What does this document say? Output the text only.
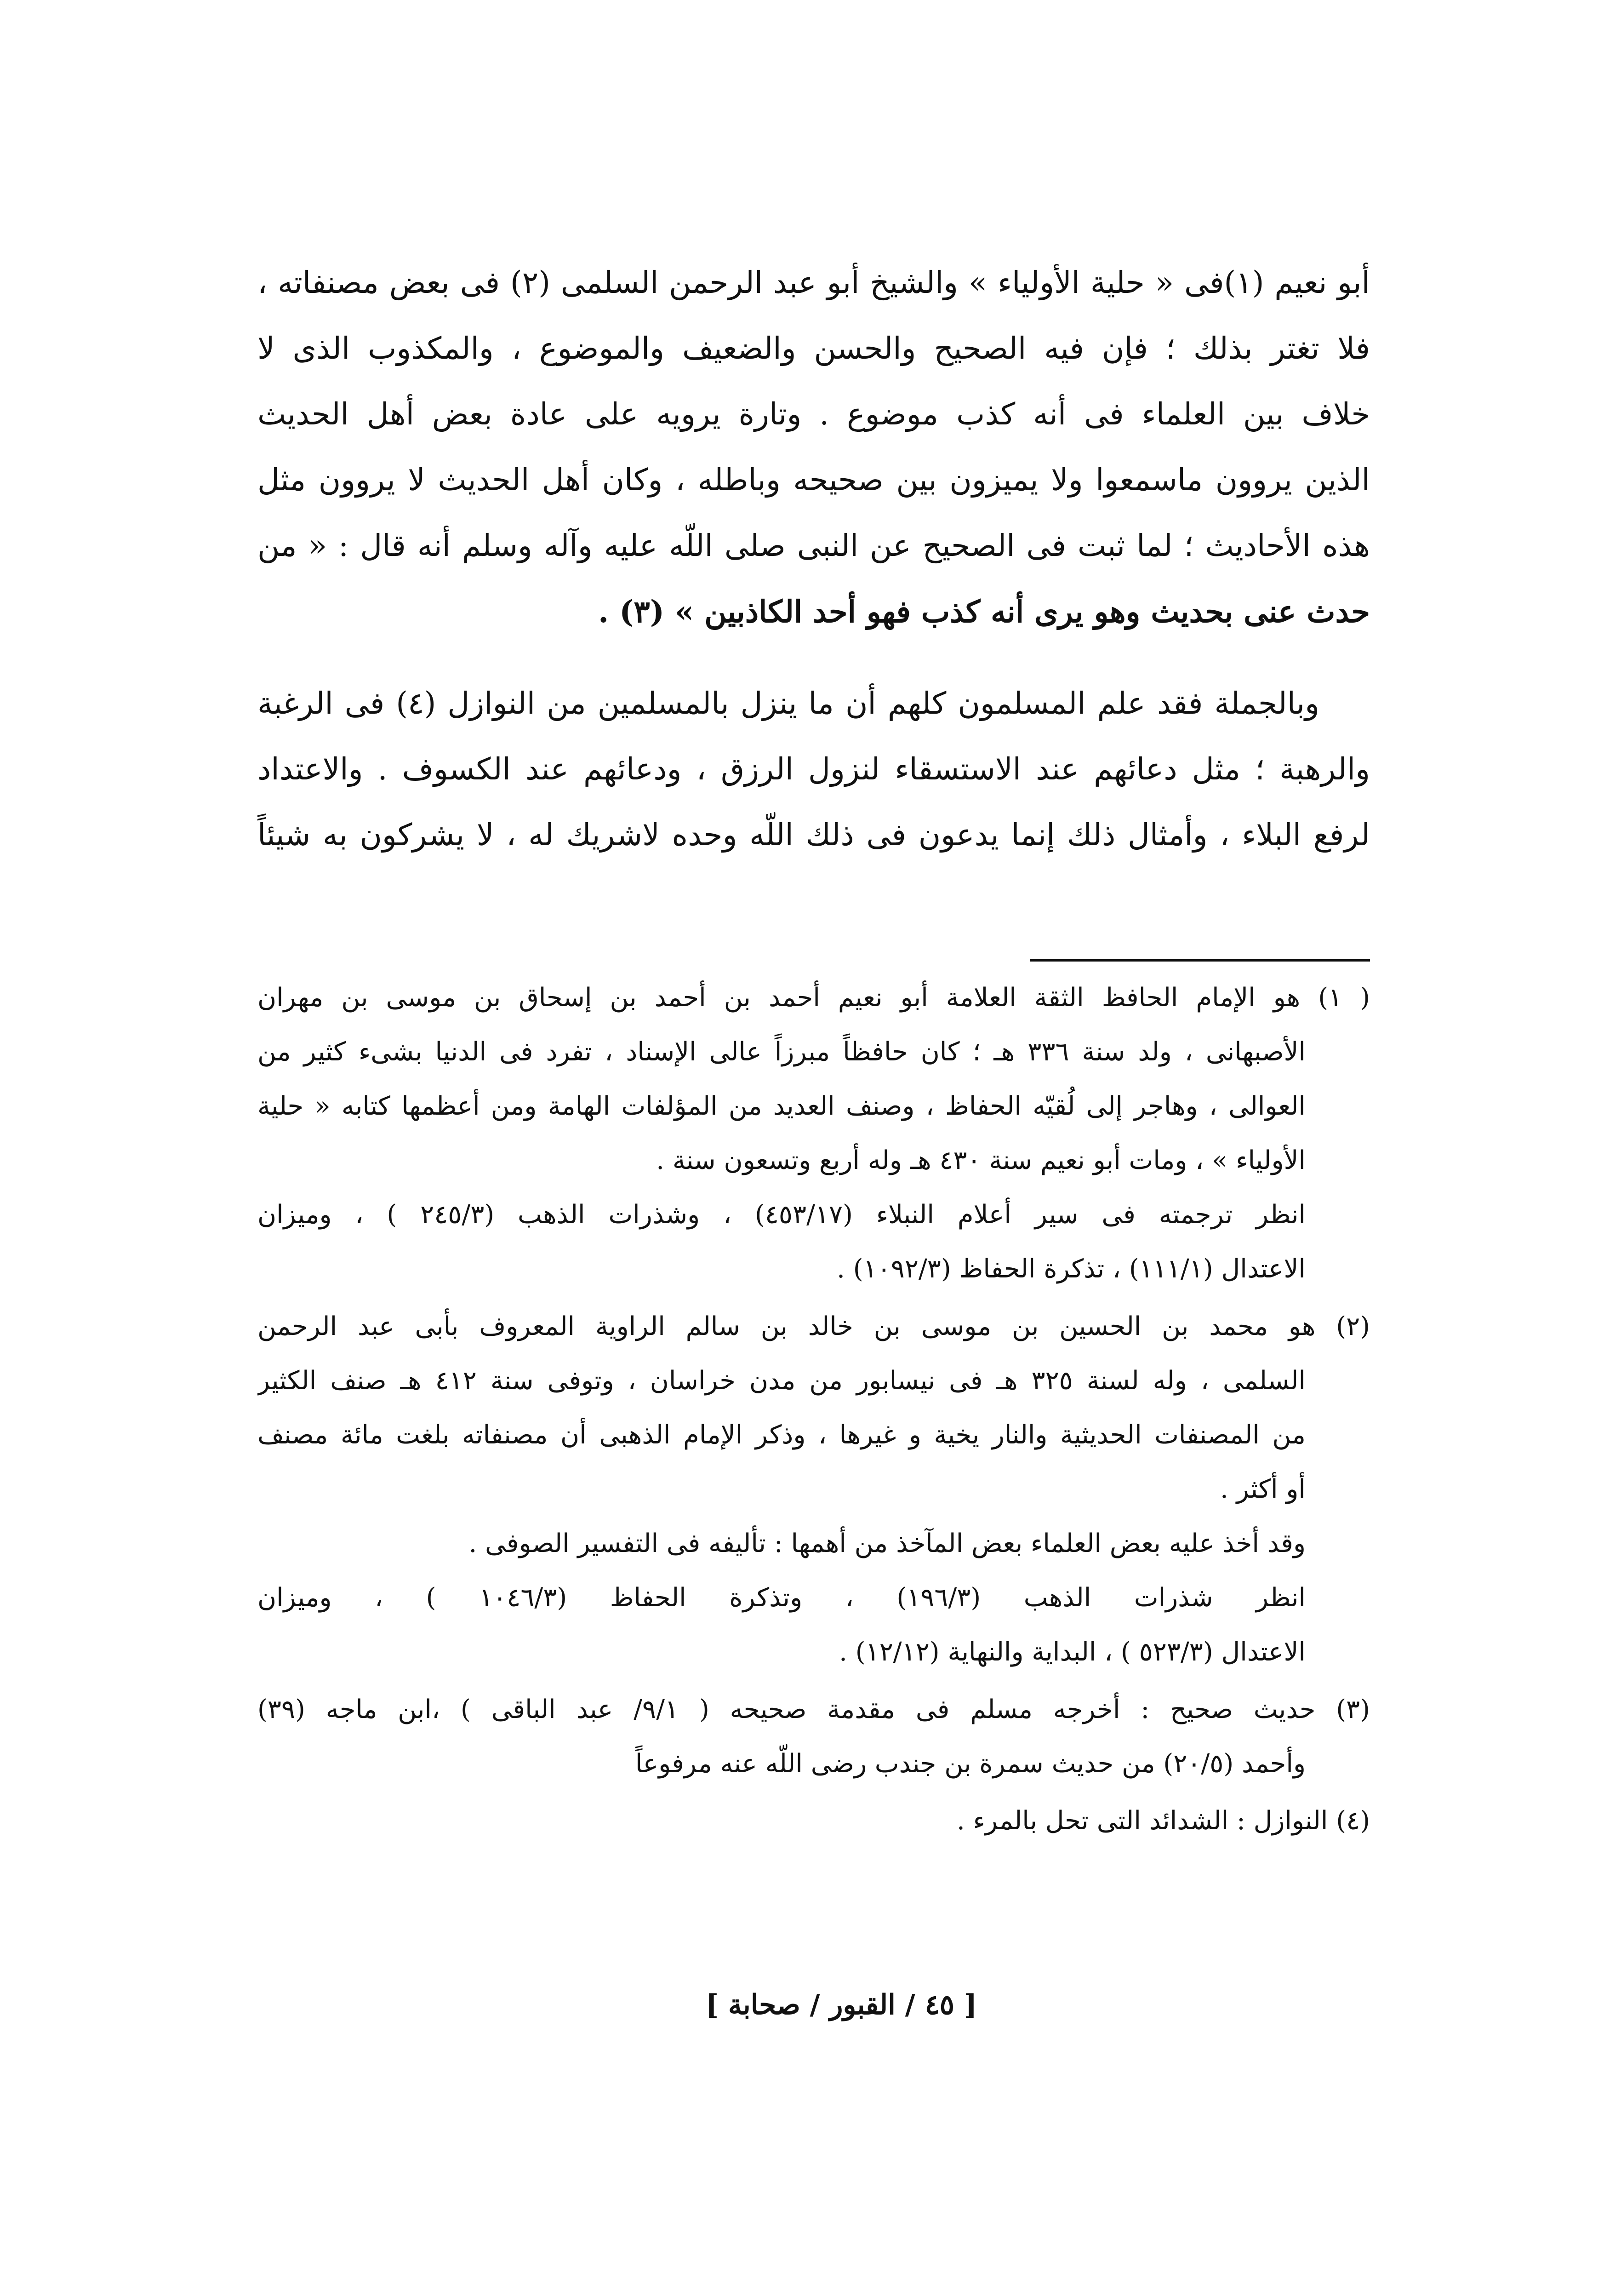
أبو نعيم (١)فى « حلية الأولياء » والشيخ أبو عبد الرحمن السلمى (٢) فى بعض مصنفاته ،
فلا تغتر بذلك ؛ فإن فيه الصحيح والحسن والضعيف والموضوع ، والمكذوب الذى لا
خلاف بين العلماء فى أنه كذب موضوع . وتارة يرويه على عادة بعض أهل الحديث
الذين يروون ماسمعوا ولا يميزون بين صحيحه وباطله ، وكان أهل الحديث لا يروون مثل
هذه الأحاديث ؛ لما ثبت فى الصحيح عن النبى صلى اللّه عليه وآله وسلم أنه قال : « من
حدث عنى بحديث وهو يرى أنه كذب فهو أحد الكاذبين » (٣) .
وبالجملة فقد علم المسلمون كلهم أن ما ينزل بالمسلمين من النوازل (٤) فى الرغبة
والرهبة ؛ مثل دعائهم عند الاستسقاء لنزول الرزق ، ودعائهم عند الكسوف . والاعتداد
لرفع البلاء ، وأمثال ذلك إنما يدعون فى ذلك اللّه وحده لاشريك له ، لا يشركون به شيئاً
( ١) هو الإمام الحافظ الثقة العلامة أبو نعيم أحمد بن أحمد بن إسحاق بن موسى بن مهران
الأصبهانى ، ولد سنة ٣٣٦ هـ ؛ كان حافظاً مبرزاً عالى الإسناد ، تفرد فى الدنيا بشىء كثير من
العوالى ، وهاجر إلى لُقيّه الحفاظ ، وصنف العديد من المؤلفات الهامة ومن أعظمها كتابه « حلية
الأولياء » ، ومات أبو نعيم سنة ٤٣٠ هـ وله أربع وتسعون سنة .
انظر ترجمته فى سير أعلام النبلاء (٤٥٣/١٧) ، وشذرات الذهب (٢٤٥/٣ ) ، وميزان
الاعتدال (١١١/١) ، تذكرة الحفاظ (١٠٩٢/٣) .
(٢) هو محمد بن الحسين بن موسى بن خالد بن سالم الراوية المعروف بأبى عبد الرحمن
السلمى ، وله لسنة ٣٢٥ هـ فى نيسابور من مدن خراسان ، وتوفى سنة ٤١٢ هـ صنف الكثير
من المصنفات الحديثية والنار يخية و غيرها ، وذكر الإمام الذهبى أن مصنفاته بلغت مائة مصنف
أو أكثر .
وقد أخذ عليه بعض العلماء بعض المآخذ من أهمها : تأليفه فى التفسير الصوفى .
انظر شذرات الذهب (١٩٦/٣) ، وتذكرة الحفاظ (١٠٤٦/٣ ) ، وميزان
الاعتدال (٥٢٣/٣ ) ، البداية والنهاية (١٢/١٢) .
(٣) حديث صحيح : أخرجه مسلم فى مقدمة صحيحه ( ٩/١/ عبد الباقى ) ،ابن ماجه (٣٩)
وأحمد (٢٠/٥) من حديث سمرة بن جندب رضى اللّه عنه مرفوعاً
(٤) النوازل : الشدائد التى تحل بالمرء .
[ ٤٥ / القبور / صحابة ]
